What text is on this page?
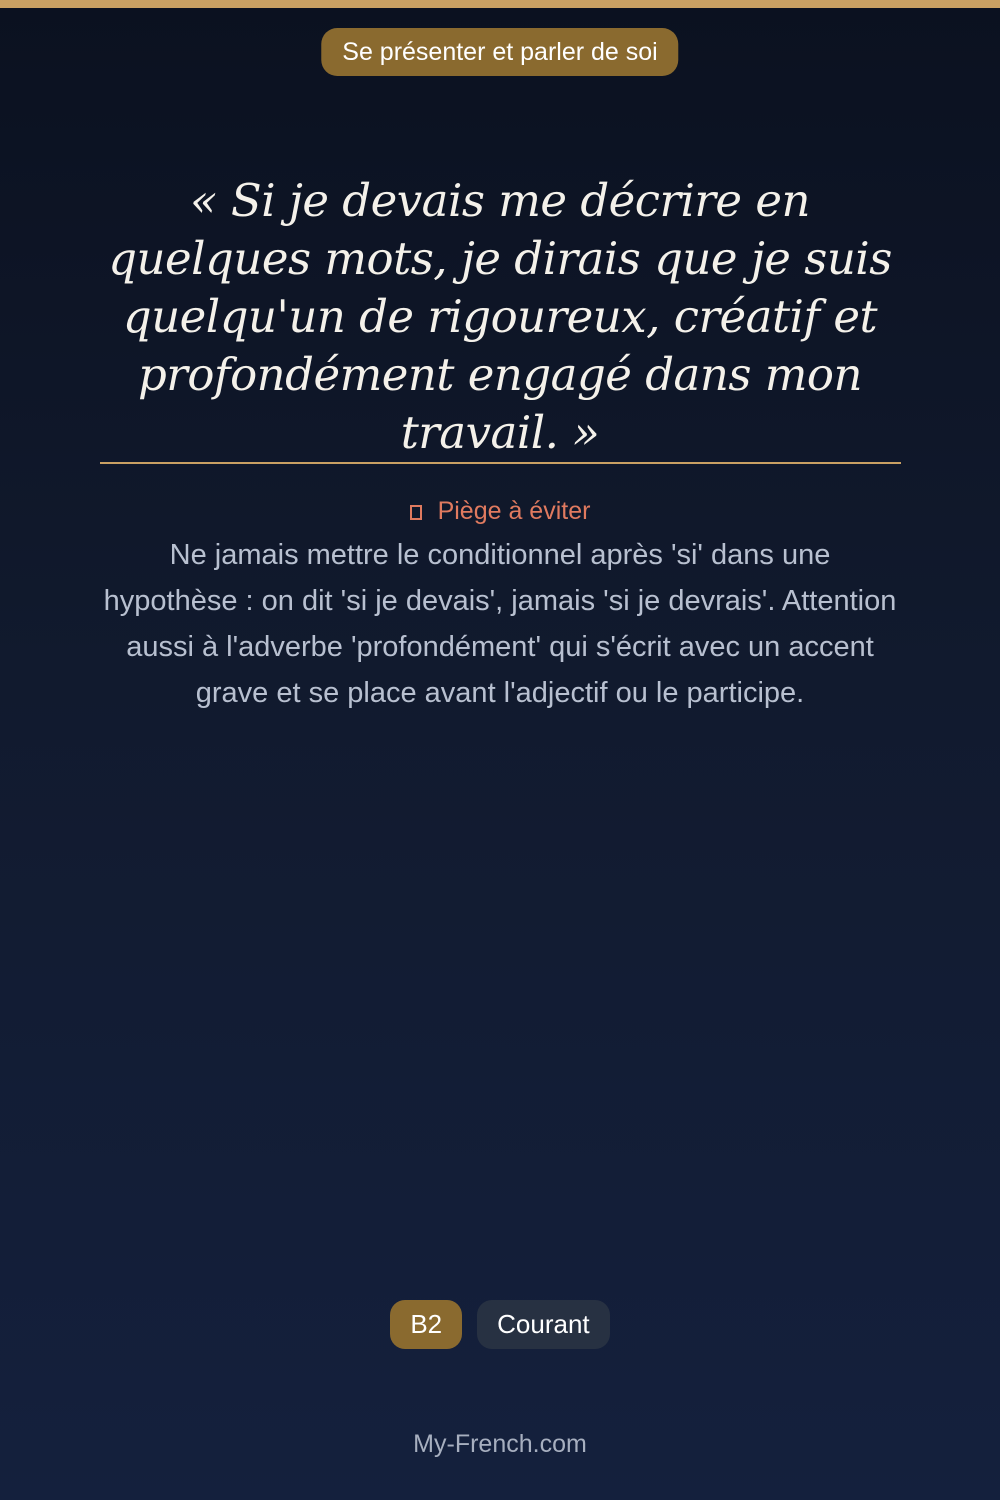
Se présenter et parler de soi

« Si je devais me décrire en quelques mots, je dirais que je suis quelqu'un de rigoureux, créatif et profondément engagé dans mon travail. »

Piège à éviter

Ne jamais mettre le conditionnel après 'si' dans une hypothèse : on dit 'si je devais', jamais 'si je devrais'. Attention aussi à l'adverbe 'profondément' qui s'écrit avec un accent grave et se place avant l'adjectif ou le participe.

B2	Courant
My-French.com
